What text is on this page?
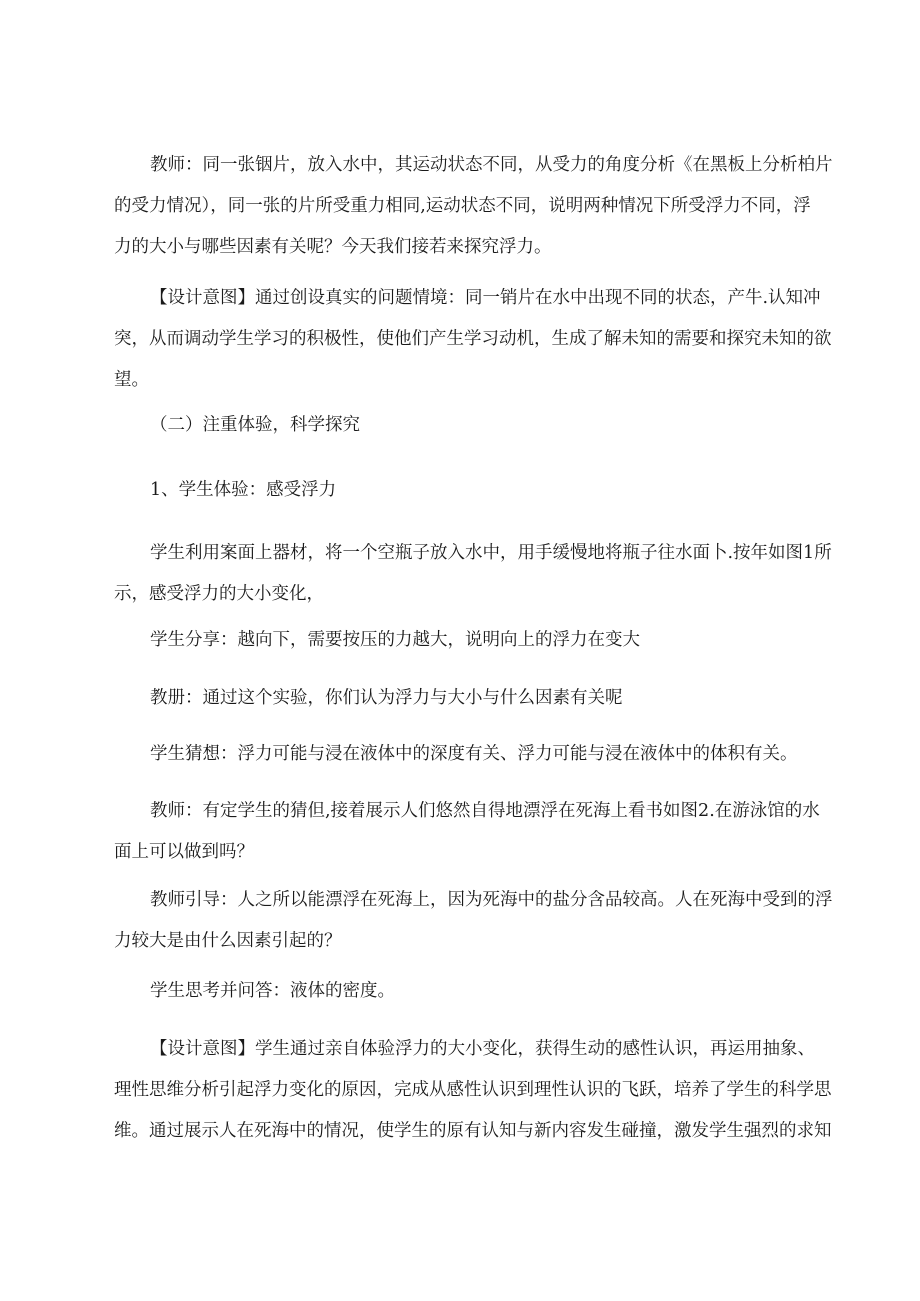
教师：同一张铟片，放入水中，其运动状态不同，从受力的角度分析《在黑板上分析柏片
的受力情况），同一张的片所受重力相同,运动状态不同，说明两种情况下所受浮力不同，浮
力的大小与哪些因素有关呢？今天我们接若来探究浮力。

【设计意图】通过创设真实的问题情境：同一销片在水中出现不同的状态，产牛.认知冲
突，从而调动学生学习的积极性，使他们产生学习动机，生成了解未知的需要和探究未知的欲
望。

（二）注重体验，科学探究

1、学生体验：感受浮力

学生利用案面上器材，将一个空瓶子放入水中，用手缓慢地将瓶子往水面卜.按年如图1所
示，感受浮力的大小变化，

学生分享：越向下，需要按压的力越大，说明向上的浮力在变大

教册：通过这个实验，你们认为浮力与大小与什么因素有关呢

学生猜想：浮力可能与浸在液体中的深度有关、浮力可能与浸在液体中的体积有关。

教师：有定学生的猜但,接着展示人们悠然自得地漂浮在死海上看书如图2.在游泳馆的水
面上可以做到吗？

教师引导：人之所以能漂浮在死海上，因为死海中的盐分含品较高。人在死海中受到的浮
力较大是由什么因素引起的？

学生思考并问答：液体的密度。

【设计意图】学生通过亲自体验浮力的大小变化，获得生动的感性认识，再运用抽象、
理性思维分析引起浮力变化的原因，完成从感性认识到理性认识的飞跃，培养了学生的科学思
维。通过展示人在死海中的情况，使学生的原有认知与新内容发生碰撞，激发学生强烈的求知
